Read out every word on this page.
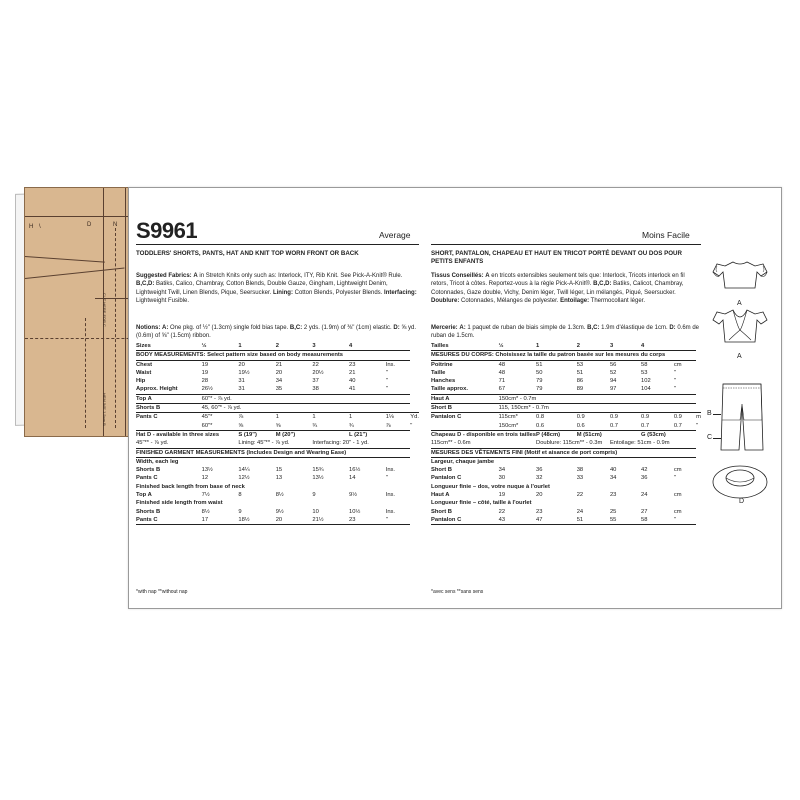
H \	D	N
CUT HERE FOR C
HEM 5/8" 1.5cm B
S9961	Average	Moins Facile
TODDLERS' SHORTS, PANTS, HAT AND KNIT TOP WORN FRONT OR BACK	SHORT, PANTALON, CHAPEAU ET HAUT EN TRICOT PORTÉ DEVANT OU DOS POUR PETITS ENFANTS
Suggested Fabrics: A in Stretch Knits only such as: Interlock, ITY, Rib Knit. See Pick-A-Knit® Rule. B,C,D: Batiks, Calico, Chambray, Cotton Blends, Double Gauze, Gingham, Lightweight Denim, Lightweight Twill, Linen Blends, Pique, Seersucker. Lining: Cotton Blends, Polyester Blends. Interfacing: Lightweight Fusible.
Notions: A: One pkg. of ½" (1.3cm) single fold bias tape. B,C: 2 yds. (1.9m) of ⅜" (1cm) elastic. D: ⅝ yd. (0.6m) of ⅝" (1.5cm) ribbon.
Sizes	½	1	2	3	4		
BODY MEASUREMENTS: Select pattern size based on body measurements							
Chest	19	20	21	22	23	Ins.	
Waist	19	19½	20	20½	21	"	
Hip	28	31	34	37	40	"	
Approx. Height	26½	31	35	38	41	"	
Top A	60"* - ⅞ yd.						
Shorts B	45, 60"* - ⅞ yd.						
Pants C	45"*	⅞	1	1	1	1⅛	Yd.
	60"*	⅝	⅝	¾	¾	⅞	"
Hat D - available in three sizes		S (19")	M (20")		L (21")		
45"** - ⅞ yd.		Lining: 45"** - ⅞ yd.		Interfacing: 20" - 1 yd.			
FINISHED GARMENT MEASUREMENTS (Includes Design and Wearing Ease)							
Width, each leg							
Shorts B	13½	14¼	15	15¾	16½	Ins.	
Pants C	12	12½	13	13½	14	"	
Finished back length from base of neck							
Top A	7½	8	8½	9	9½	Ins.	
Finished side length from waist							
Shorts B	8½	9	9½	10	10½	Ins.	
Pants C	17	18½	20	21½	23	"	

*with nap **without nap
Tissus Conseillés: A en tricots extensibles seulement tels que: Interlock, Tricots interlock en fil retors, Tricot à côtes. Reportez-vous à la règle Pick-A-Knit®. B,C,D: Batiks, Calicot, Chambray, Cotonnades, Gaze double, Vichy, Denim léger, Twill léger, Lin mélangés, Piqué, Seersucker. Doublure: Cotonnades, Mélanges de polyester. Entoilage: Thermocollant léger.
Mercerie: A: 1 paquet de ruban de biais simple de 1.3cm. B,C: 1.9m d'élastique de 1cm. D: 0.6m de ruban de 1.5cm.
Tailles	½	1	2	3	4		
MESURES DU CORPS: Choisissez la taille du patron basée sur les mesures du corps							
Poitrine	48	51	53	56	58	cm	
Taille	48	50	51	52	53	"	
Hanches	71	79	86	94	102	"	
Taille approx.	67	79	89	97	104	"	
Haut A	150cm* - 0.7m						
Short B	115, 150cm* - 0.7m						
Pantalon C	115cm*	0.8	0.9	0.9	0.9	0.9	m
	150cm*	0.6	0.6	0.7	0.7	0.7	"
Chapeau D - disponible en trois tailles		P (48cm)	M (51cm)		G (53cm)		
115cm** - 0.6m		Doublure: 115cm** - 0.3m		Entoilage: 51cm - 0.9m			
MESURES DES VÊTEMENTS FINI (Motif et aisance de port compris)							
Largeur, chaque jambe							
Short B	34	36	38	40	42	cm	
Pantalon C	30	32	33	34	36	"	
Longueur finie – dos, votre nuque à l'ourlet							
Haut A	19	20	22	23	24	cm	
Longueur finie – côté, taille à l'ourlet							
Short B	22	23	24	25	27	cm	
Pantalon C	43	47	51	55	58	"	

*avec sens **sans sens
A
A
B
C
D
